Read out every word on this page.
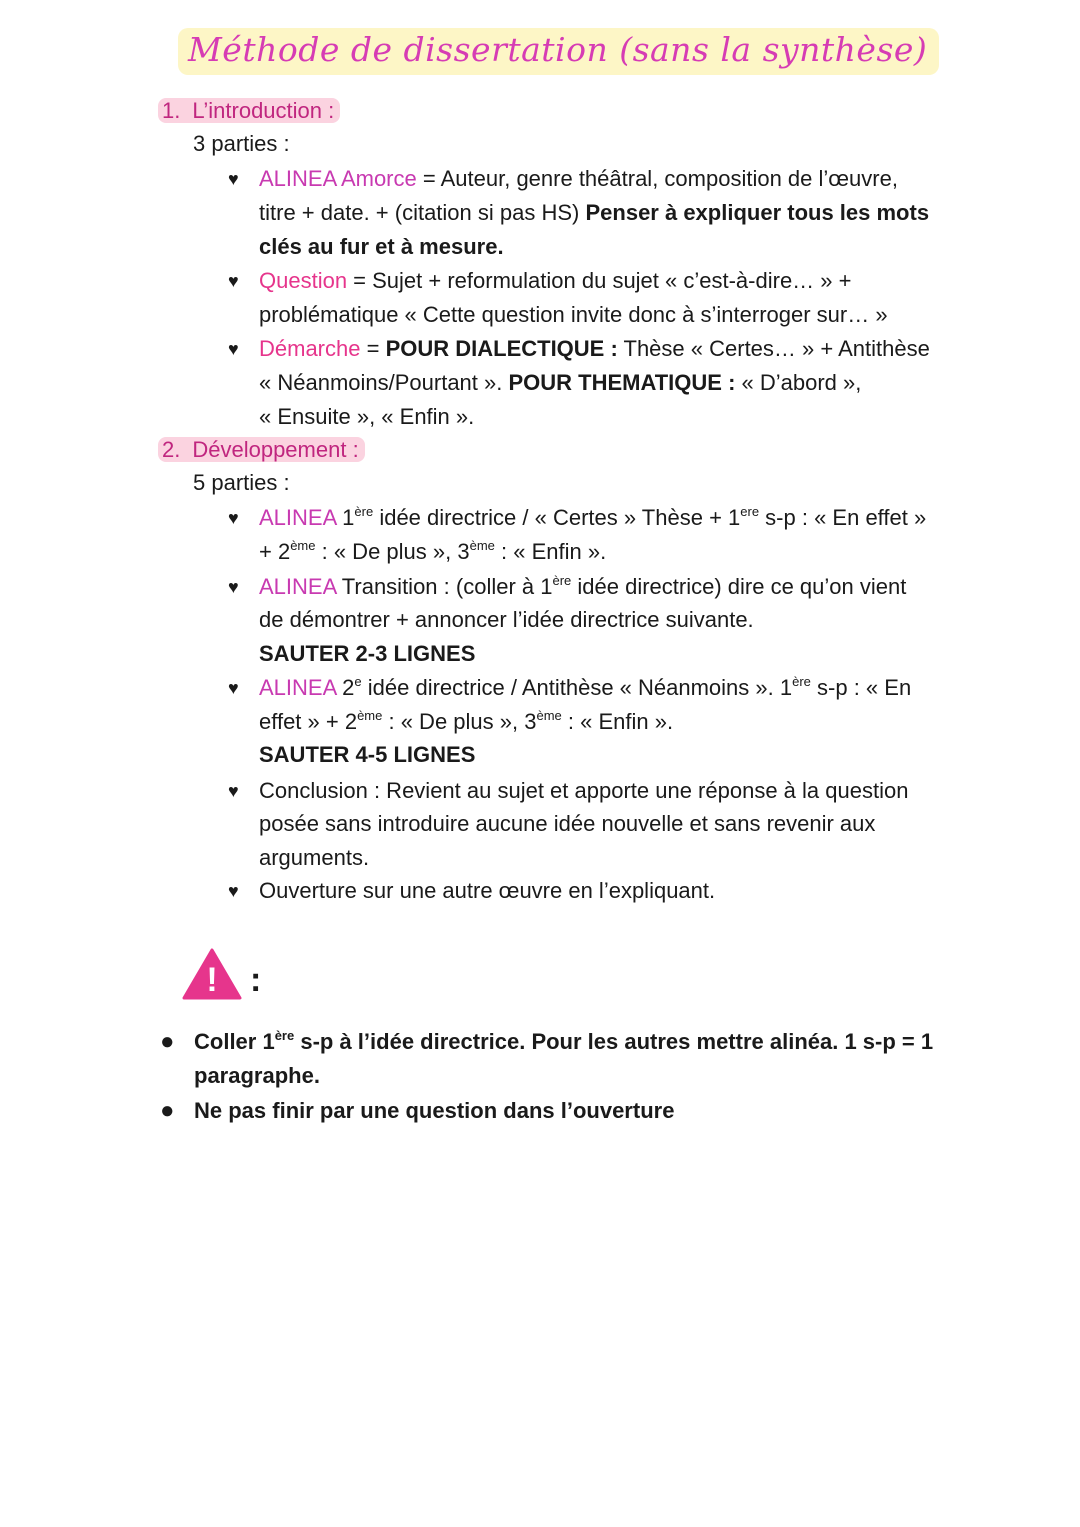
Méthode de dissertation (sans la synthèse)
1. L’introduction :
3 parties :
♥ ALINEA Amorce = Auteur, genre théâtral, composition de l’œuvre,
titre + date. + (citation si pas HS) Penser à expliquer tous les mots
clés au fur et à mesure.
♥ Question = Sujet + reformulation du sujet « c’est-à-dire… » +
problématique « Cette question invite donc à s’interroger sur… »
♥ Démarche = POUR DIALECTIQUE : Thèse « Certes… » + Antithèse
« Néanmoins/Pourtant ». POUR THEMATIQUE : « D’abord »,
« Ensuite », « Enfin ».
2. Développement :
5 parties :
♥ ALINEA 1ère idée directrice / « Certes » Thèse + 1ere s-p : « En effet »
+ 2ème : « De plus », 3ème : « Enfin ».
♥ ALINEA Transition : (coller à 1ère idée directrice) dire ce qu’on vient
de démontrer + annoncer l’idée directrice suivante.
SAUTER 2-3 LIGNES
♥ ALINEA 2e idée directrice / Antithèse « Néanmoins ». 1ère s-p : « En
effet » + 2ème : « De plus », 3ème : « Enfin ».
SAUTER 4-5 LIGNES
♥ Conclusion : Revient au sujet et apporte une réponse à la question
posée sans introduire aucune idée nouvelle et sans revenir aux
arguments.
♥ Ouverture sur une autre œuvre en l’expliquant.
! :
● Coller 1ère s-p à l’idée directrice. Pour les autres mettre alinéa. 1 s-p = 1
paragraphe.
● Ne pas finir par une question dans l’ouverture
